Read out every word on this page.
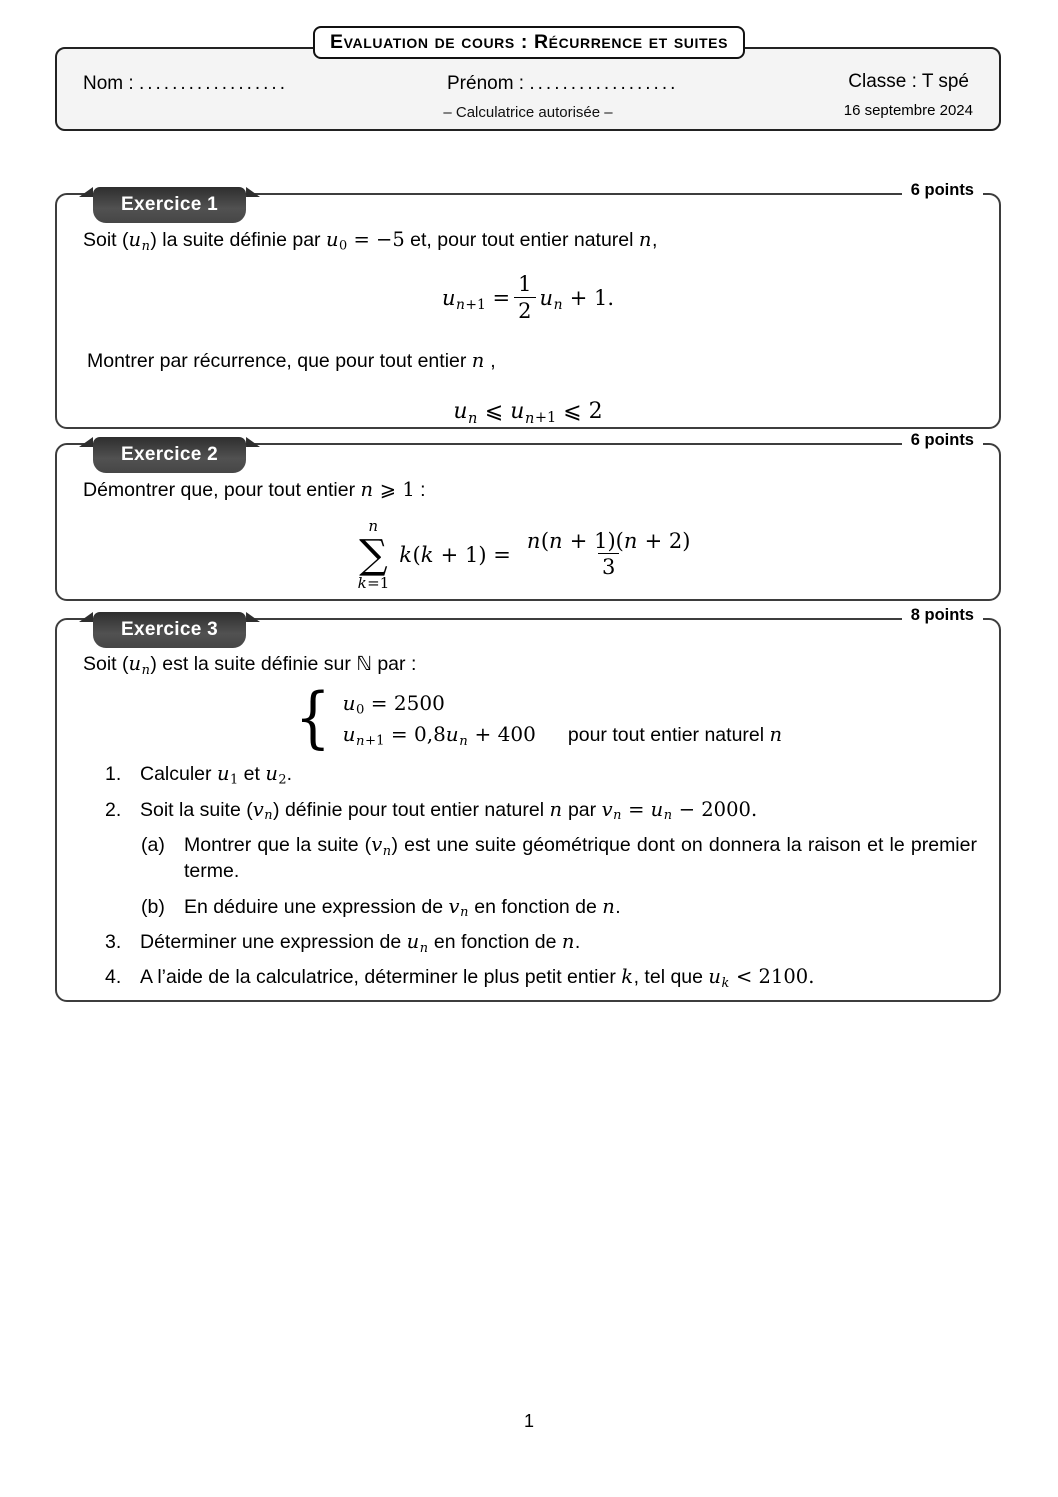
Evaluation de cours : Récurrence et suites
Nom : ..................	Prénom : ..................	Classe : T spé
– Calculatrice autorisée –	16 septembre 2024
Exercice 1
6 points
Soit $(u_n)$ la suite définie par $u_0 = -5$ et, pour tout entier naturel n,
$u_{n+1} = \frac{1}{2} u_n + 1$.
Montrer par récurrence, que pour tout entier n ,
$u_n$ ⩽ $u_{n+1}$ ⩽ 2
Exercice 2
6 points
Démontrer que, pour tout entier n ⩾ 1 :
n
∑
k=1
$k(k + 1) = \frac{n(n + 1)(n + 2)}{3}$
Exercice 3
8 points
Soit $(u_n)$ est la suite définie sur ℕ par :
{ $u_0 = 2500$
$u_{n+1} = 0,8u_n + 400$ pour tout entier naturel n
1. Calculer $u_1$ et $u_2$.
2. Soit la suite $(v_n)$ définie pour tout entier naturel n par $v_n = u_n - 2000$.
(a) Montrer que la suite $(v_n)$ est une suite géométrique dont on donnera la raison et le premier terme.
(b) En déduire une expression de $v_n$ en fonction de n.
3. Déterminer une expression de $u_n$ en fonction de n.
4. A l’aide de la calculatrice, déterminer le plus petit entier k, tel que $u_k < 2100$.
1
